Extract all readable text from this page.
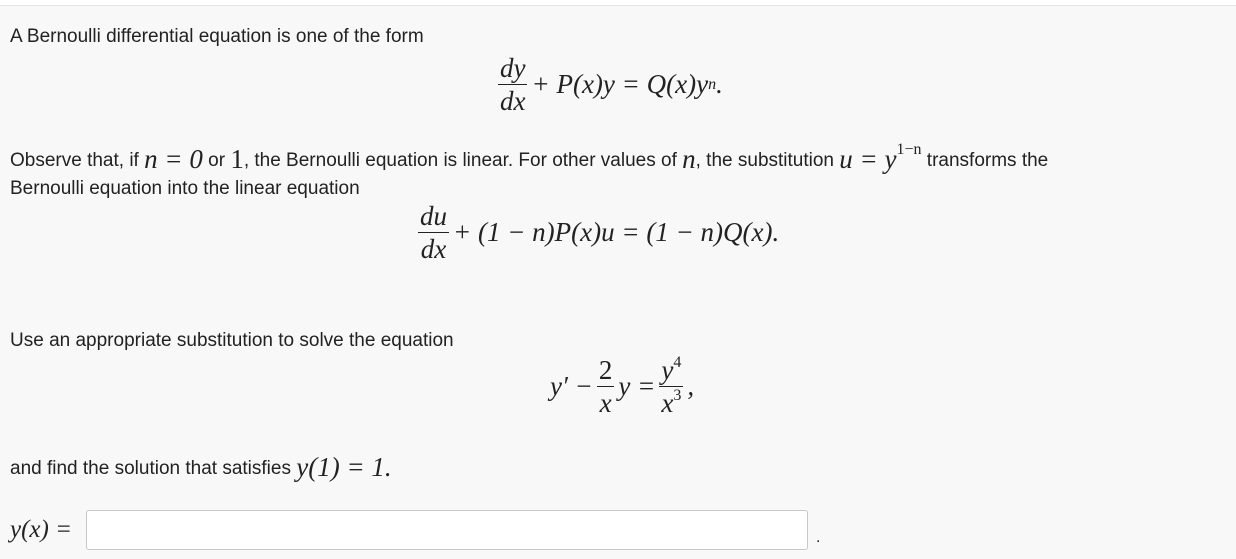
A Bernoulli differential equation is one of the form
$\frac{dy}{dx} + P(x)y = Q(x)y$ n .
Observe that, if n = 0 or 1, the Bernoulli equation is linear. For other values of n, the substitution $u = y^{1-n}$ transforms the
Bernoulli equation into the linear equation
$\frac{du}{dx} + (1 - n)P(x)u = (1 - n)Q(x)$.
Use an appropriate substitution to solve the equation
$y' - \frac{2}{x}$ $y = \frac{y^4}{x^3}$ ,
and find the solution that satisfies y(1) = 1.
y(x) =	.
